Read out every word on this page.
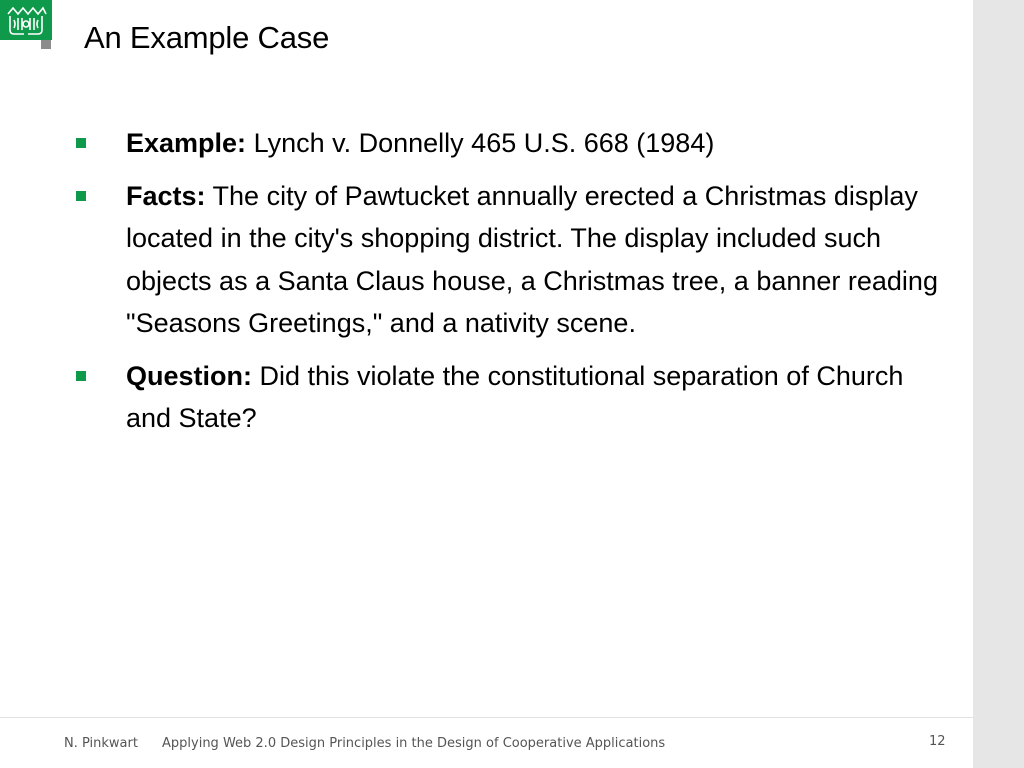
An Example Case
Example: Lynch v. Donnelly 465 U.S. 668 (1984)
Facts: The city of Pawtucket annually erected a Christmas display located in the city's shopping district. The display included such objects as a Santa Claus house, a Christmas tree, a banner reading "Seasons Greetings," and a nativity scene.
Question: Did this violate the constitutional separation of Church and State?
N. Pinkwart Applying Web 2.0 Design Principles in the Design of Cooperative Applications	12
